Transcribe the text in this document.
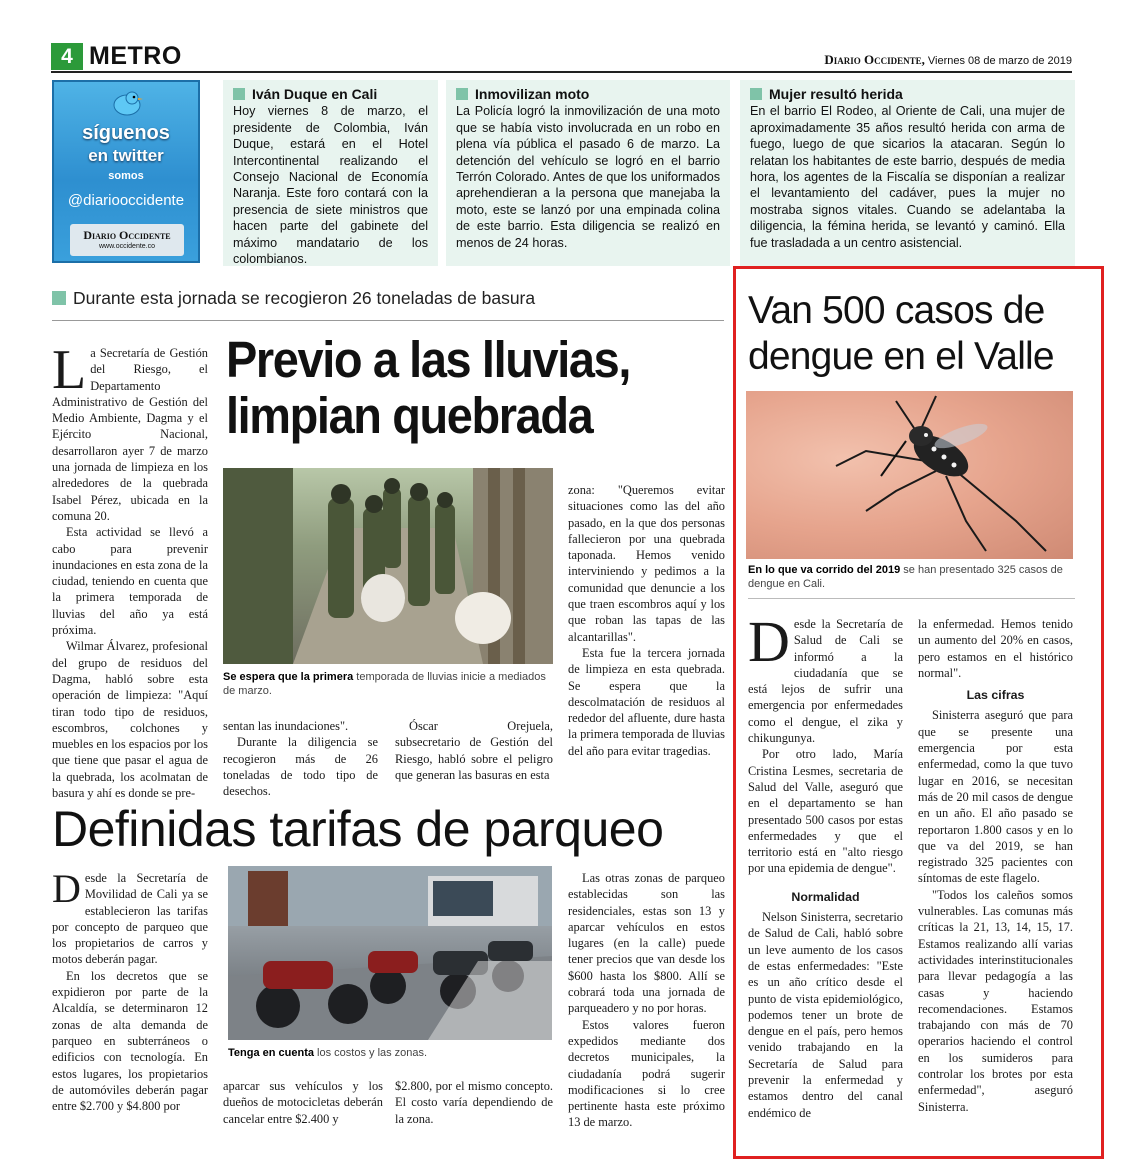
4 METRO	Diario Occidente, Viernes 08 de marzo de 2019
síguenos
en twitter
somos
@diariooccidente
Diario Occidente
www.occidente.co
Iván Duque en Cali
Hoy viernes 8 de marzo, el presidente de Colombia, Iván Duque, estará en el Hotel Intercontinental realizando el Consejo Nacional de Economía Naranja. Este foro contará con la presencia de siete ministros que hacen parte del gabinete del máximo mandatario de los colombianos.
Inmovilizan moto
La Policía logró la inmovilización de una moto que se había visto involucrada en un robo en plena vía pública el pasado 6 de marzo. La detención del vehículo se logró en el barrio Terrón Colorado. Antes de que los uniformados aprehendieran a la persona que manejaba la moto, este se lanzó por una empinada colina de este barrio. Esta diligencia se realizó en menos de 24 horas.
Mujer resultó herida
En el barrio El Rodeo, al Oriente de Cali, una mujer de aproximadamente 35 años resultó herida con arma de fuego, luego de que sicarios la atacaran. Según lo relatan los habitantes de este barrio, después de media hora, los agentes de la Fiscalía se disponían a realizar el levantamiento del cadáver, pues la mujer no mostraba signos vitales. Cuando se adelantaba la diligencia, la fémina herida, se levantó y caminó. Ella fue trasladada a un centro asistencial.
Durante esta jornada se recogieron 26 toneladas de basura
Previo a las lluvias,
limpian quebrada
L a Secretaría de Gestión del Riesgo, el Departamento Administrativo de Gestión del Medio Ambiente, Dagma y el Ejército Nacional, desarrollaron ayer 7 de marzo una jornada de limpieza en los alrededores de la quebrada Isabel Pérez, ubicada en la comuna 20.
Esta actividad se llevó a cabo para prevenir inundaciones en esta zona de la ciudad, teniendo en cuenta que la primera temporada de lluvias del año ya está próxima.
Wilmar Álvarez, profesional del grupo de residuos del Dagma, habló sobre esta operación de limpieza: "Aquí tiran todo tipo de residuos, escombros, colchones y muebles en los espacios por los que tiene que pasar el agua de la quebrada, los acolmatan de basura y ahí es donde se pre-
Se espera que la primera temporada de lluvias inicie a mediados de marzo.
sentan las inundaciones".
Durante la diligencia se recogieron más de 26 toneladas de todo tipo de desechos.
Óscar Orejuela, subsecretario de Gestión del Riesgo, habló sobre el peligro que generan las basuras en esta
zona: "Queremos evitar situaciones como las del año pasado, en la que dos personas fallecieron por una quebrada taponada. Hemos venido interviniendo y pedimos a la comunidad que denuncie a los que traen escombros aquí y los que roban las tapas de las alcantarillas".
Esta fue la tercera jornada de limpieza en esta quebrada. Se espera que la descolmatación de residuos al rededor del afluente, dure hasta la primera temporada de lluvias del año para evitar tragedias.
Definidas tarifas de parqueo
D esde la Secretaría de Movilidad de Cali ya se establecieron las tarifas por concepto de parqueo que los propietarios de carros y motos deberán pagar.
En los decretos que se expidieron por parte de la Alcaldía, se determinaron 12 zonas de alta demanda de parqueo en subterráneos o edificios con tecnología. En estos lugares, los propietarios de automóviles deberán pagar entre $2.700 y $4.800 por
Tenga en cuenta los costos y las zonas.
aparcar sus vehículos y los dueños de motocicletas deberán cancelar entre $2.400 y
$2.800, por el mismo concepto. El costo varía dependiendo de la zona.
Las otras zonas de parqueo establecidas son las residenciales, estas son 13 y aparcar vehículos en estos lugares (en la calle) puede tener precios que van desde los $600 hasta los $800. Allí se cobrará toda una jornada de parqueadero y no por horas.
Estos valores fueron expedidos mediante dos decretos municipales, la ciudadanía podrá sugerir modificaciones si lo cree pertinente hasta este próximo 13 de marzo.
Van 500 casos de dengue en el Valle
En lo que va corrido del 2019 se han presentado 325 casos de dengue en Cali.
D esde la Secretaría de Salud de Cali se informó a la ciudadanía que se está lejos de sufrir una emergencia por enfermedades como el dengue, el zika y chikungunya.
Por otro lado, María Cristina Lesmes, secretaria de Salud del Valle, aseguró que en el departamento se han presentado 500 casos por estas enfermedades y que el territorio está en "alto riesgo por una epidemia de dengue".
Normalidad
Nelson Sinisterra, secretario de Salud de Cali, habló sobre un leve aumento de los casos de estas enfermedades: "Este es un año crítico desde el punto de vista epidemiológico, podemos tener un brote de dengue en el país, pero hemos venido trabajando en la Secretaría de Salud para prevenir la enfermedad y estamos dentro del canal endémico de
la enfermedad. Hemos tenido un aumento del 20% en casos, pero estamos en el histórico normal".
Las cifras
Sinisterra aseguró que para que se presente una emergencia por esta enfermedad, como la que tuvo lugar en 2016, se necesitan más de 20 mil casos de dengue en un año. El año pasado se reportaron 1.800 casos y en lo que va del 2019, se han registrado 325 pacientes con síntomas de este flagelo.
"Todos los caleños somos vulnerables. Las comunas más críticas la 21, 13, 14, 15, 17. Estamos realizando allí varias actividades interinstitucionales para llevar pedagogía a las casas y haciendo recomendaciones. Estamos trabajando con más de 70 operarios haciendo el control en los sumideros para controlar los brotes por esta enfermedad", aseguró Sinisterra.
